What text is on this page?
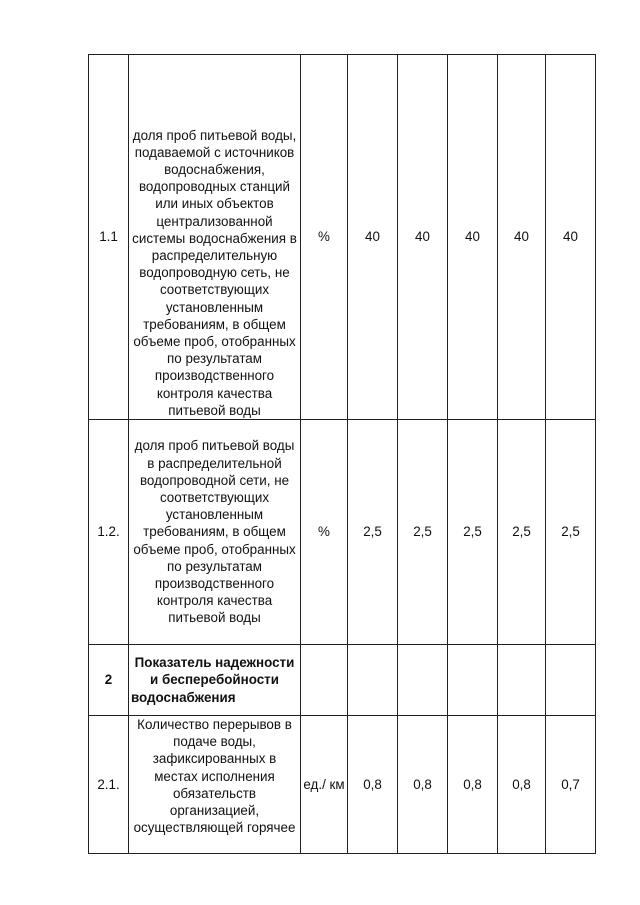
1.1	доля проб питьевой воды, подаваемой с источников водоснабжения, водопроводных станций или иных объектов централизованной системы водоснабжения в распределительную водопроводную сеть, не соответствующих установленным требованиям, в общем объеме проб, отобранных по результатам производственного контроля качества питьевой воды	%	40	40	40	40	40
1.2.	доля проб питьевой воды в распределительной водопроводной сети, не соответствующих установленным требованиям, в общем объеме проб, отобранных по результатам производственного контроля качества питьевой воды	%	2,5	2,5	2,5	2,5	2,5
2	Показатель надежности и бесперебойности водоснабжения						
2.1.	Количество перерывов в подаче воды, зафиксированных в местах исполнения обязательств организацией, осуществляющей горячее	ед./ км	0,8	0,8	0,8	0,8	0,7
